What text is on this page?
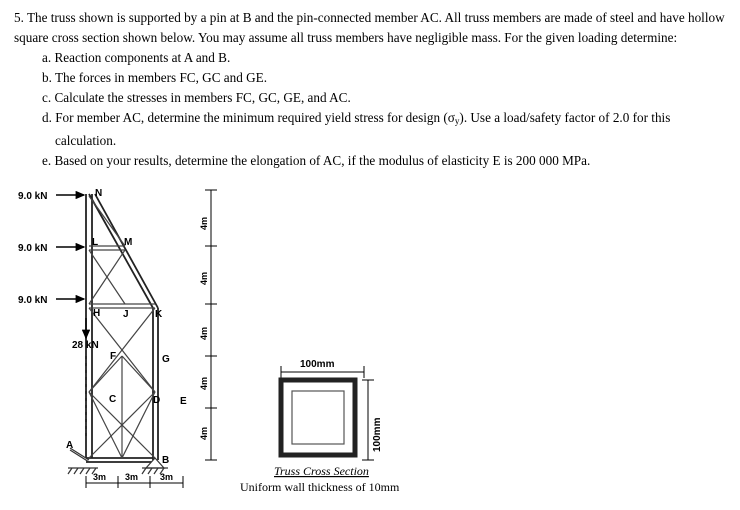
5. The truss shown is supported by a pin at B and the pin-connected member AC. All truss members are made of steel and have hollow square cross section shown below. You may assume all truss members have negligible mass. For the given loading determine:

a. Reaction components at A and B.
b. The forces in members FC, GC and GE.
c. Calculate the stresses in members FC, GC, GE, and AC.
d. For member AC, determine the minimum required yield stress for design $(\sigma_y)$. Use a load/safety factor of 2.0 for this
calculation.
e. Based on your results, determine the elongation of AC, if the modulus of elasticity E is 200 000 MPa.
9.0 kN
9.0 kN
9.0 kN
28 kN
N
L	M
H J	K
F	G
C	D E
A
B
4m
4m
4m
4m
4m
3m 3m 3m
100mm
100mm
Truss Cross Section
Uniform wall thickness of 10mm
